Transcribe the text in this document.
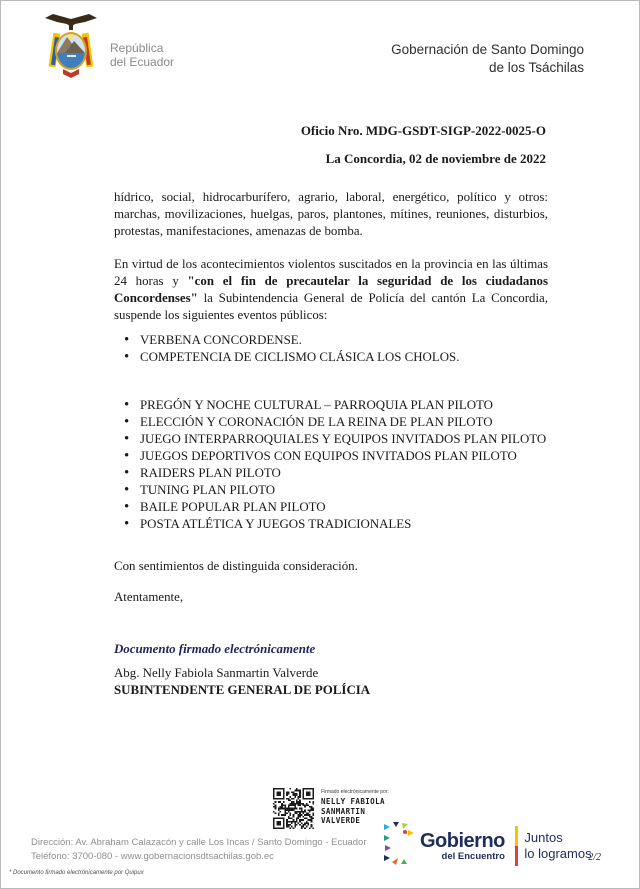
República
del Ecuador
Gobernación de Santo Domingo
de los Tsáchilas
Oficio Nro. MDG-GSDT-SIGP-2022-0025-O
La Concordia, 02 de noviembre de 2022

hídrico, social, hidrocarburífero, agrario, laboral, energético, político y otros: marchas, movilizaciones, huelgas, paros, plantones, mítines, reuniones, disturbios, protestas, manifestaciones, amenazas de bomba.

En virtud de los acontecimientos violentos suscitados en la provincia en las últimas 24 horas y "con el fin de precautelar la seguridad de los ciudadanos Concordenses" la Subintendencia General de Policía del cantón La Concordia, suspende los siguientes eventos públicos:

• VERBENA CONCORDENSE.
• COMPETENCIA DE CICLISMO CLÁSICA LOS CHOLOS.
• PREGÓN Y NOCHE CULTURAL – PARROQUIA PLAN PILOTO
• ELECCIÓN Y CORONACIÓN DE LA REINA DE PLAN PILOTO
• JUEGO INTERPARROQUIALES Y EQUIPOS INVITADOS PLAN PILOTO
• JUEGOS DEPORTIVOS CON EQUIPOS INVITADOS PLAN PILOTO
• RAIDERS PLAN PILOTO
• TUNING PLAN PILOTO
• BAILE POPULAR PLAN PILOTO
• POSTA ATLÉTICA Y JUEGOS TRADICIONALES

Con sentimientos de distinguida consideración.

Atentamente,

Documento firmado electrónicamente

Abg. Nelly Fabiola Sanmartin Valverde

SUBINTENDENTE GENERAL DE POLÍCIA

Firmado electrónicamente por:
NELLY FABIOLA
SANMARTIN
VALVERDE
Dirección: Av. Abraham Calazacón y calle Los Incas / Santo Domingo - Ecuador
Teléfono: 3700-080 - www.gobernacionsdtsachilas.gob.ec
Gobierno
del Encuentro
Juntos
lo logramos
2/2
* Documento firmado electrónicamente por Quipux
